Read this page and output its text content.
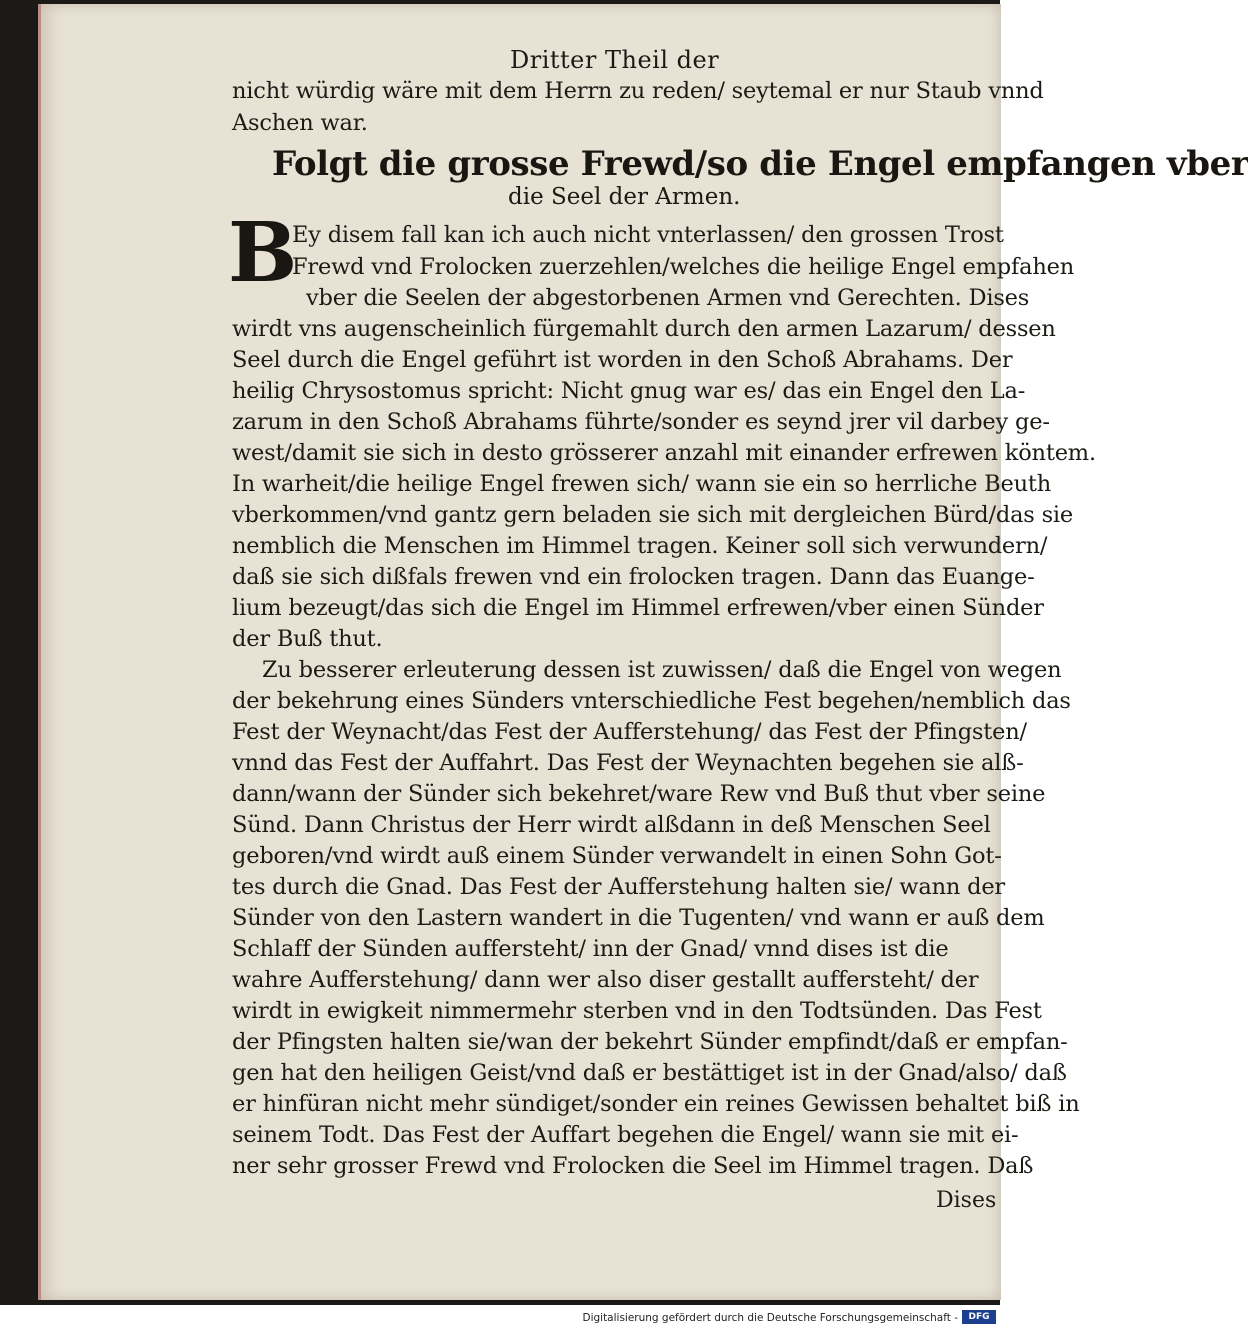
Dritter Theil der
nicht würdig wäre mit dem Herrn zu reden/ seytemal er nur Staub vnnd
Aschen war.
Folgt die grosse Frewd/so die Engel empfangen vber
die Seel der Armen.
B
Ey disem fall kan ich auch nicht vnterlassen/ den grossen Trost
Frewd vnd Frolocken zuerzehlen/welches die heilige Engel empfahen
vber die Seelen der abgestorbenen Armen vnd Gerechten. Dises
wirdt vns augenscheinlich fürgemahlt durch den armen Lazarum/ dessen
Seel durch die Engel geführt ist worden in den Schoß Abrahams. Der
heilig Chrysostomus spricht: Nicht gnug war es/ das ein Engel den La-
zarum in den Schoß Abrahams führte/sonder es seynd jrer vil darbey ge-
west/damit sie sich in desto grösserer anzahl mit einander erfrewen köntem.
In warheit/die heilige Engel frewen sich/ wann sie ein so herrliche Beuth
vberkommen/vnd gantz gern beladen sie sich mit dergleichen Bürd/das sie
nemblich die Menschen im Himmel tragen. Keiner soll sich verwundern/
daß sie sich dißfals frewen vnd ein frolocken tragen. Dann das Euange-
lium bezeugt/das sich die Engel im Himmel erfrewen/vber einen Sünder
der Buß thut.
Zu besserer erleuterung dessen ist zuwissen/ daß die Engel von wegen
der bekehrung eines Sünders vnterschiedliche Fest begehen/nemblich das
Fest der Weynacht/das Fest der Aufferstehung/ das Fest der Pfingsten/
vnnd das Fest der Auffahrt. Das Fest der Weynachten begehen sie alß-
dann/wann der Sünder sich bekehret/ware Rew vnd Buß thut vber seine
Sünd. Dann Christus der Herr wirdt alßdann in deß Menschen Seel
geboren/vnd wirdt auß einem Sünder verwandelt in einen Sohn Got-
tes durch die Gnad. Das Fest der Aufferstehung halten sie/ wann der
Sünder von den Lastern wandert in die Tugenten/ vnd wann er auß dem
Schlaff der Sünden auffersteht/ inn der Gnad/ vnnd dises ist die
wahre Aufferstehung/ dann wer also diser gestallt auffersteht/ der
wirdt in ewigkeit nimmermehr sterben vnd in den Todtsünden. Das Fest
der Pfingsten halten sie/wan der bekehrt Sünder empfindt/daß er empfan-
gen hat den heiligen Geist/vnd daß er bestättiget ist in der Gnad/also/ daß
er hinfüran nicht mehr sündiget/sonder ein reines Gewissen behaltet biß in
seinem Todt. Das Fest der Auffart begehen die Engel/ wann sie mit ei-
ner sehr grosser Frewd vnd Frolocken die Seel im Himmel tragen. Daß
Dises
Digitalisierung gefördert durch die Deutsche Forschungsgemeinschaft -	DFG
